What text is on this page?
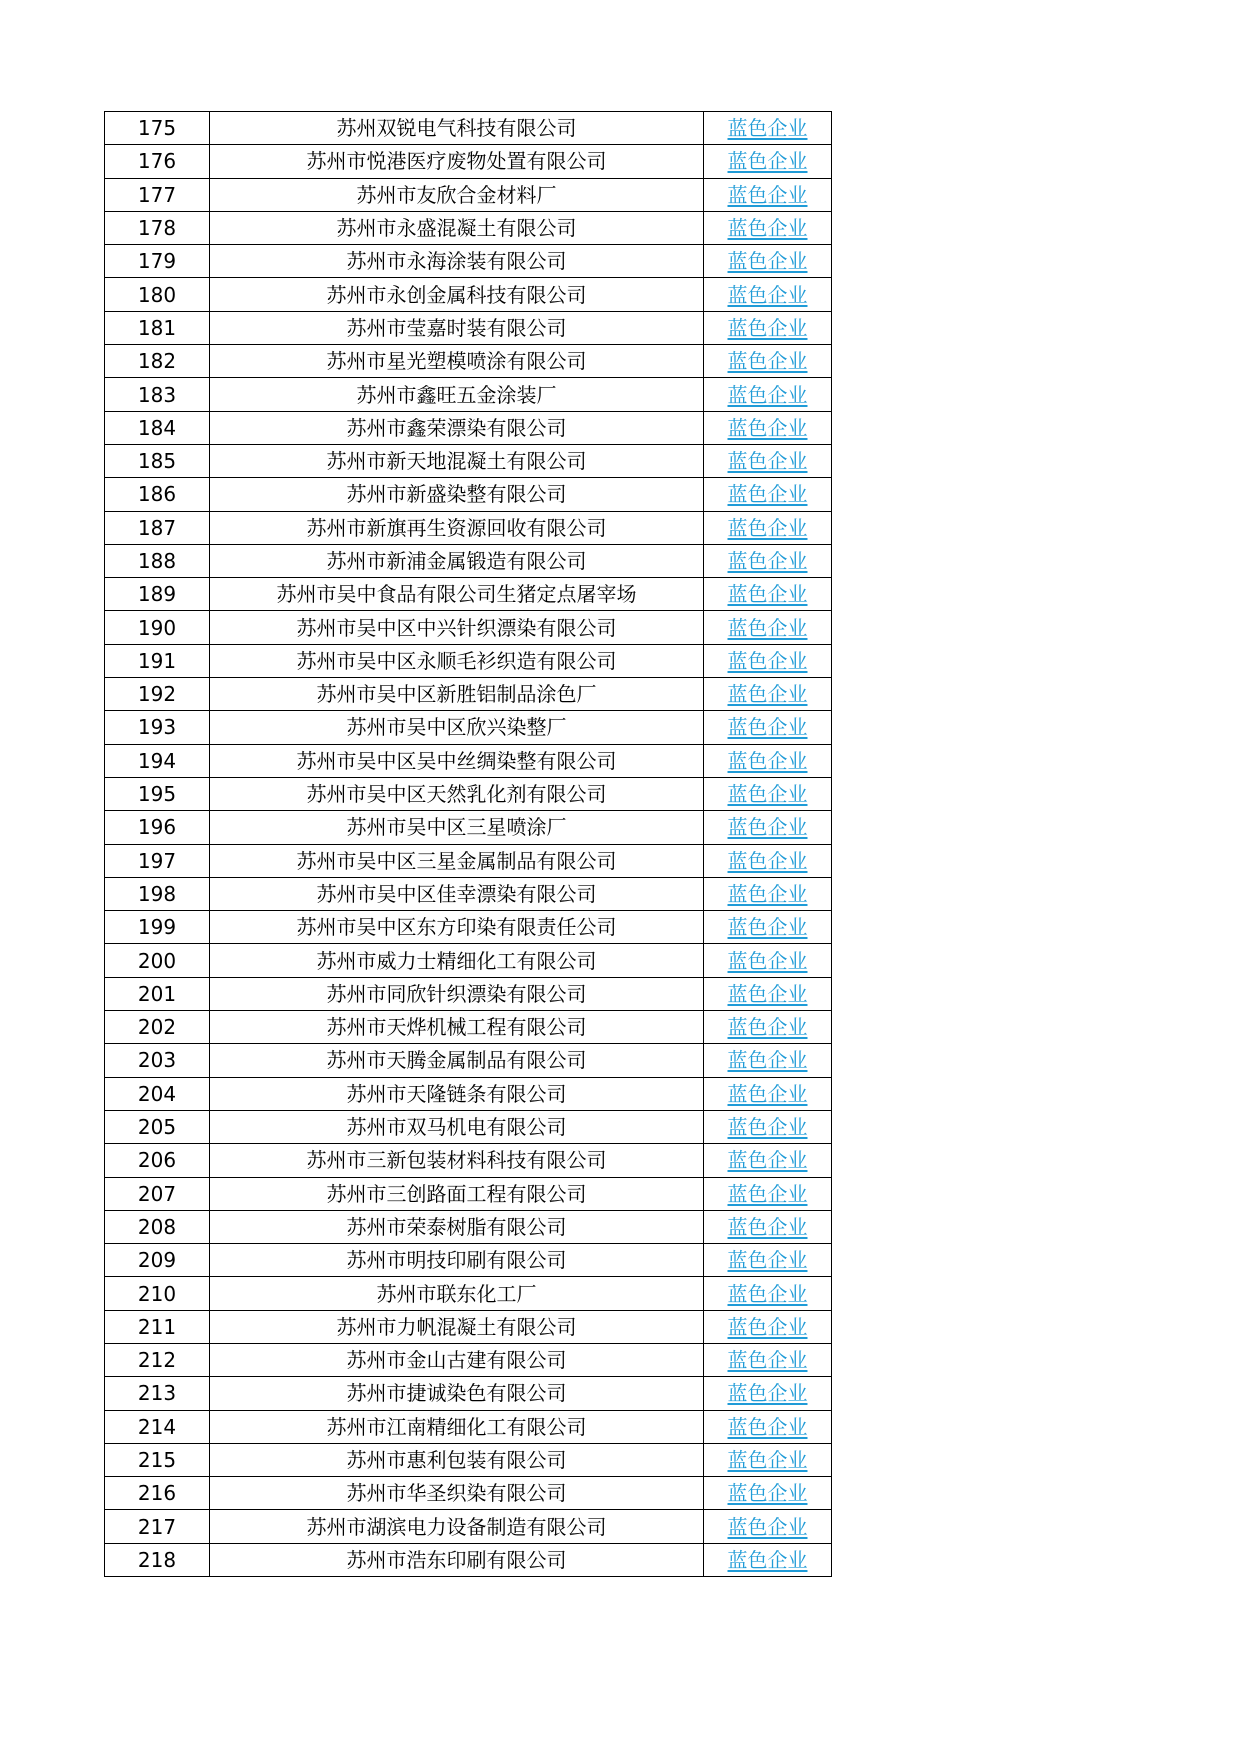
175	苏州双锐电气科技有限公司	蓝色企业
176	苏州市悦港医疗废物处置有限公司	蓝色企业
177	苏州市友欣合金材料厂	蓝色企业
178	苏州市永盛混凝土有限公司	蓝色企业
179	苏州市永海涂装有限公司	蓝色企业
180	苏州市永创金属科技有限公司	蓝色企业
181	苏州市莹嘉时装有限公司	蓝色企业
182	苏州市星光塑模喷涂有限公司	蓝色企业
183	苏州市鑫旺五金涂装厂	蓝色企业
184	苏州市鑫荣漂染有限公司	蓝色企业
185	苏州市新天地混凝土有限公司	蓝色企业
186	苏州市新盛染整有限公司	蓝色企业
187	苏州市新旗再生资源回收有限公司	蓝色企业
188	苏州市新浦金属锻造有限公司	蓝色企业
189	苏州市吴中食品有限公司生猪定点屠宰场	蓝色企业
190	苏州市吴中区中兴针织漂染有限公司	蓝色企业
191	苏州市吴中区永顺毛衫织造有限公司	蓝色企业
192	苏州市吴中区新胜铝制品涂色厂	蓝色企业
193	苏州市吴中区欣兴染整厂	蓝色企业
194	苏州市吴中区吴中丝绸染整有限公司	蓝色企业
195	苏州市吴中区天然乳化剂有限公司	蓝色企业
196	苏州市吴中区三星喷涂厂	蓝色企业
197	苏州市吴中区三星金属制品有限公司	蓝色企业
198	苏州市吴中区佳幸漂染有限公司	蓝色企业
199	苏州市吴中区东方印染有限责任公司	蓝色企业
200	苏州市威力士精细化工有限公司	蓝色企业
201	苏州市同欣针织漂染有限公司	蓝色企业
202	苏州市天烨机械工程有限公司	蓝色企业
203	苏州市天腾金属制品有限公司	蓝色企业
204	苏州市天隆链条有限公司	蓝色企业
205	苏州市双马机电有限公司	蓝色企业
206	苏州市三新包装材料科技有限公司	蓝色企业
207	苏州市三创路面工程有限公司	蓝色企业
208	苏州市荣泰树脂有限公司	蓝色企业
209	苏州市明技印刷有限公司	蓝色企业
210	苏州市联东化工厂	蓝色企业
211	苏州市力帆混凝土有限公司	蓝色企业
212	苏州市金山古建有限公司	蓝色企业
213	苏州市捷诚染色有限公司	蓝色企业
214	苏州市江南精细化工有限公司	蓝色企业
215	苏州市惠利包装有限公司	蓝色企业
216	苏州市华圣织染有限公司	蓝色企业
217	苏州市湖滨电力设备制造有限公司	蓝色企业
218	苏州市浩东印刷有限公司	蓝色企业
